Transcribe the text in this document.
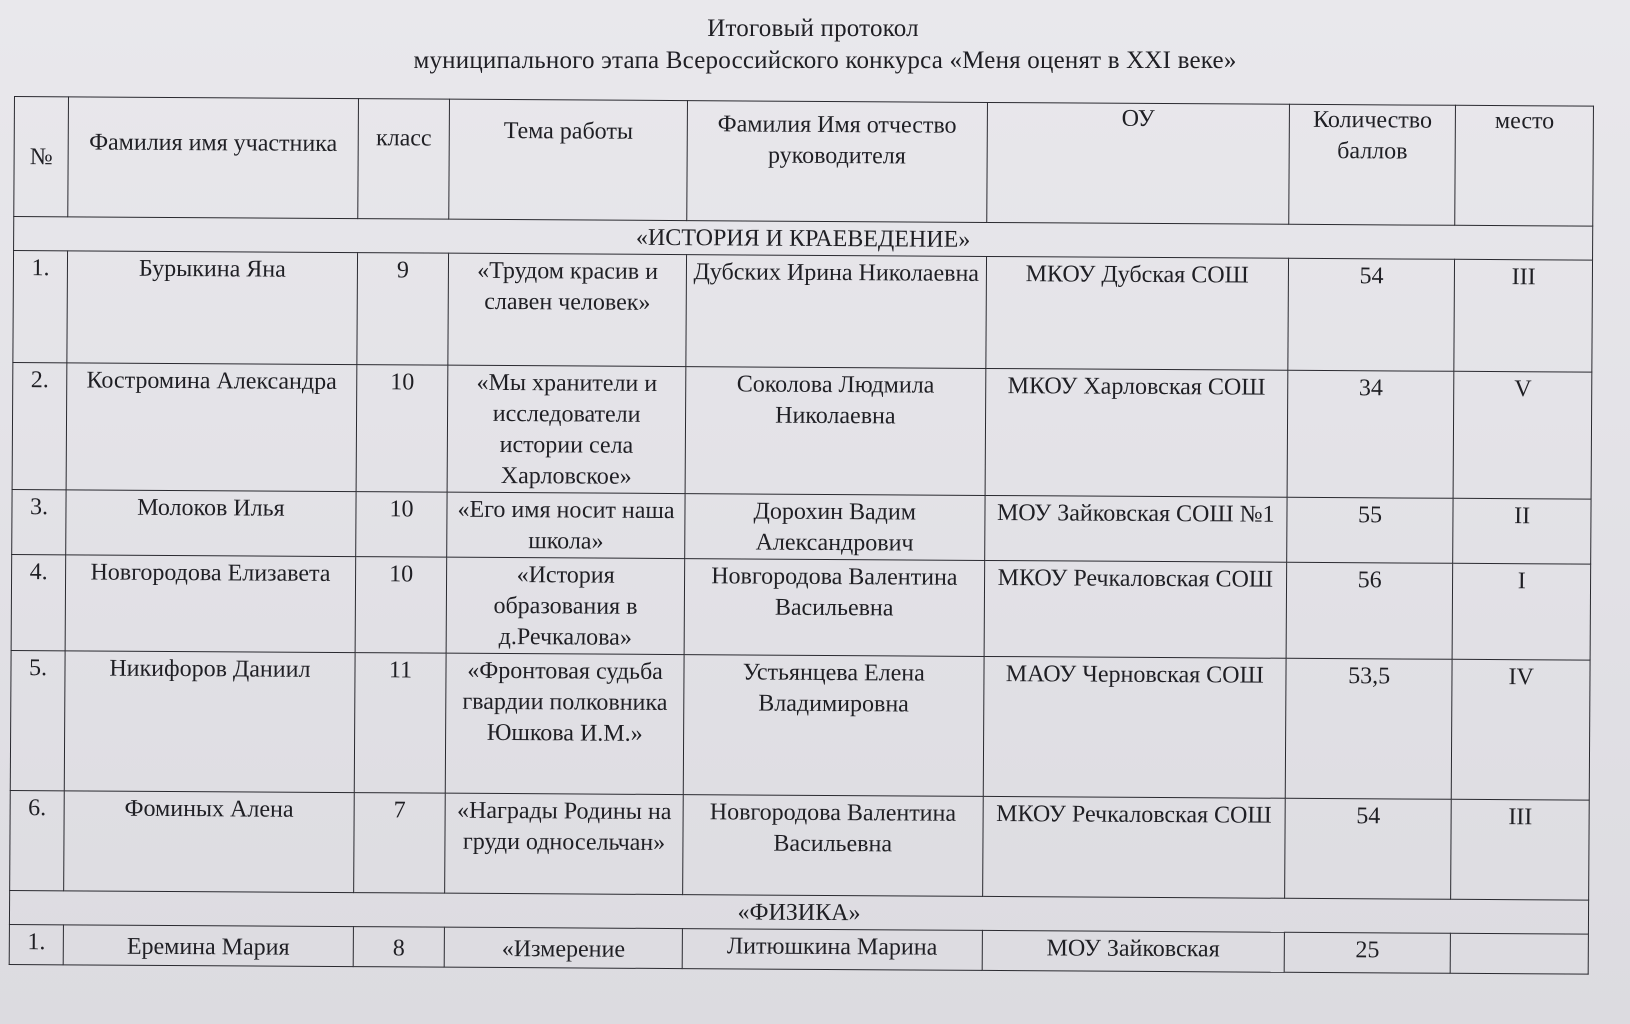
Итоговый протокол
муниципального этапа Всероссийского конкурса «Меня оценят в XXI веке»
№	Фамилия имя участника	класс	Тема работы	Фамилия Имя отчество руководителя	ОУ	Количество баллов	место
«ИСТОРИЯ И КРАЕВЕДЕНИЕ»							
1.	Бурыкина Яна	9	«Трудом красив и славен человек»	Дубских Ирина Николаевна	МКОУ Дубская СОШ	54	III
2.	Костромина Александра	10	«Мы хранители и исследователи истории села Харловское»	Соколова Людмила Николаевна	МКОУ Харловская СОШ	34	V
3.	Молоков Илья	10	«Его имя носит наша школа»	Дорохин Вадим Александрович	МОУ Зайковская СОШ №1	55	II
4.	Новгородова Елизавета	10	«История образования в д.Речкалова»	Новгородова Валентина Васильевна	МКОУ Речкаловская СОШ	56	I
5.	Никифоров Даниил	11	«Фронтовая судьба гвардии полковника Юшкова И.М.»	Устьянцева Елена Владимировна	МАОУ Черновская СОШ	53,5	IV
6.	Фоминых Алена	7	«Награды Родины на груди односельчан»	Новгородова Валентина Васильевна	МКОУ Речкаловская СОШ	54	III
«ФИЗИКА»							
1.	Еремина Мария	8	«Измерение	Литюшкина Марина	МОУ Зайковская	25	
